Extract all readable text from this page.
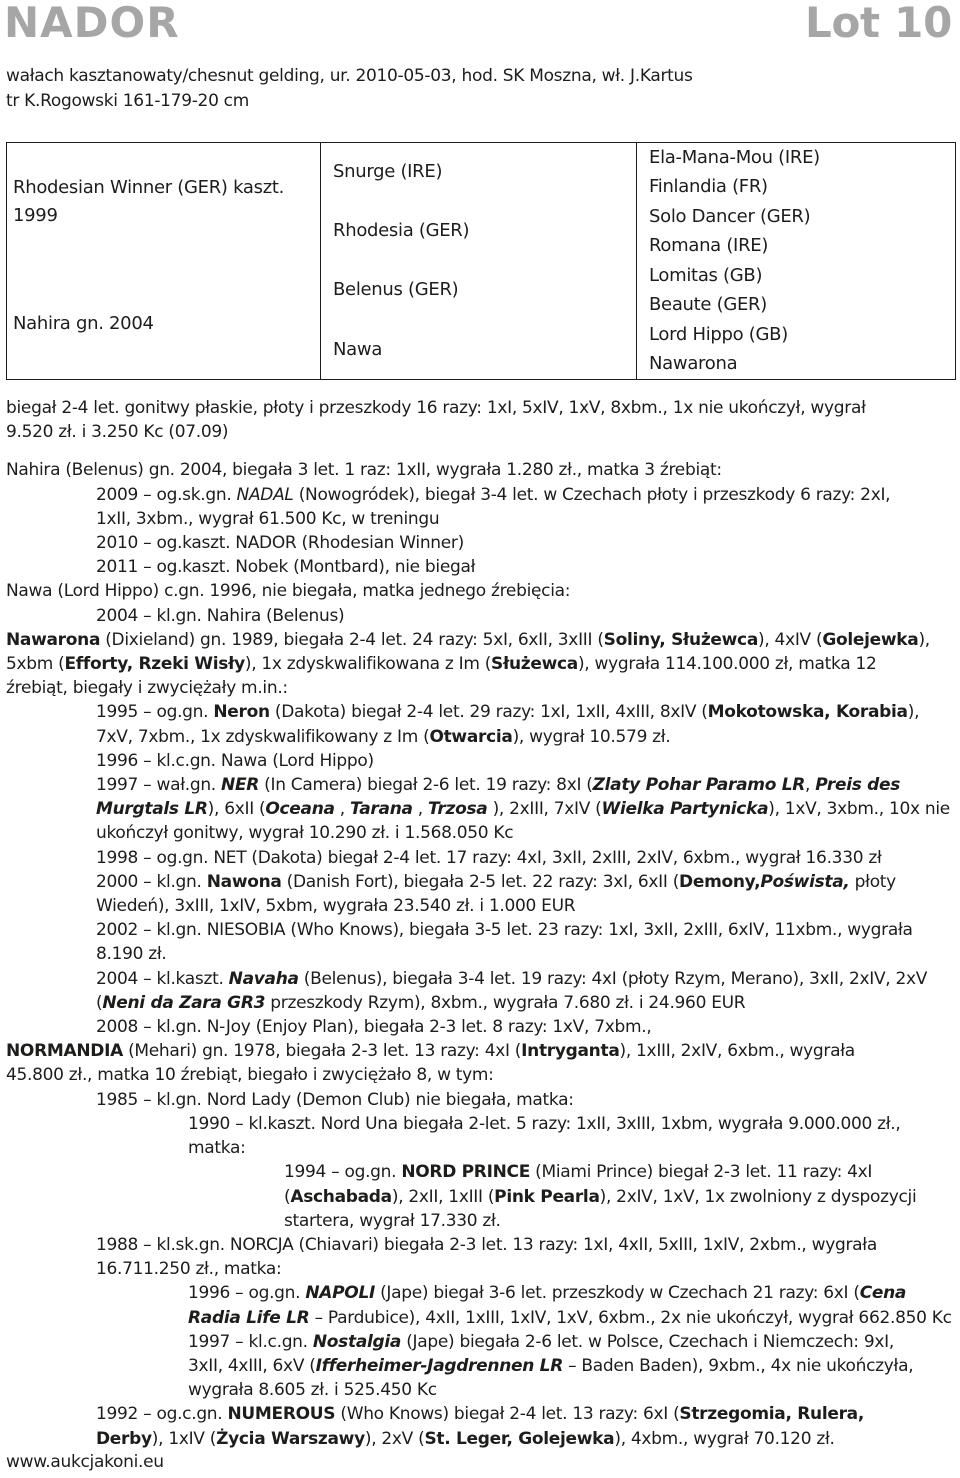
NADOR	Lot 10
wałach kasztanowaty/chesnut gelding, ur. 2010-05-03, hod. SK Moszna, wł. J.Kartus
tr K.Rogowski 161-179-20 cm
Rhodesian Winner (GER) kaszt.
1999
Nahira gn. 2004
Snurge (IRE)
Rhodesia (GER)
Belenus (GER)
Nawa
Ela-Mana-Mou (IRE)
Finlandia (FR)
Solo Dancer (GER)
Romana (IRE)
Lomitas (GB)
Beaute (GER)
Lord Hippo (GB)
Nawarona
biegał 2-4 let. gonitwy płaskie, płoty i przeszkody 16 razy: 1xI, 5xIV, 1xV, 8xbm., 1x nie ukończył, wygrał
9.520 zł. i 3.250 Kc (07.09)
Nahira (Belenus) gn. 2004, biegała 3 let. 1 raz: 1xII, wygrała 1.280 zł., matka 3 źrebiąt:
2009 – og.sk.gn. NADAL (Nowogródek), biegał 3-4 let. w Czechach płoty i przeszkody 6 razy: 2xI,
1xII, 3xbm., wygrał 61.500 Kc, w treningu
2010 – og.kaszt. NADOR (Rhodesian Winner)
2011 – og.kaszt. Nobek (Montbard), nie biegał
Nawa (Lord Hippo) c.gn. 1996, nie biegała, matka jednego źrebięcia:
2004 – kl.gn. Nahira (Belenus)
Nawarona (Dixieland) gn. 1989, biegała 2-4 let. 24 razy: 5xI, 6xII, 3xIII (Soliny, Służewca), 4xIV (Golejewka),
5xbm (Efforty, Rzeki Wisły), 1x zdyskwalifikowana z Im (Służewca), wygrała 114.100.000 zł, matka 12
źrebiąt, biegały i zwyciężały m.in.:
1995 – og.gn. Neron (Dakota) biegał 2-4 let. 29 razy: 1xI, 1xII, 4xIII, 8xIV (Mokotowska, Korabia),
7xV, 7xbm., 1x zdyskwalifikowany z Im (Otwarcia), wygrał 10.579 zł.
1996 – kl.c.gn. Nawa (Lord Hippo)
1997 – wał.gn. NER (In Camera) biegał 2-6 let. 19 razy: 8xI (Zlaty Pohar Paramo LR, Preis des
Murgtals LR), 6xII (Oceana , Tarana , Trzosa ), 2xIII, 7xIV (Wielka Partynicka), 1xV, 3xbm., 10x nie
ukończył gonitwy, wygrał 10.290 zł. i 1.568.050 Kc
1998 – og.gn. NET (Dakota) biegał 2-4 let. 17 razy: 4xI, 3xII, 2xIII, 2xIV, 6xbm., wygrał 16.330 zł
2000 – kl.gn. Nawona (Danish Fort), biegała 2-5 let. 22 razy: 3xI, 6xII (Demony,Pośwista, płoty
Wiedeń), 3xIII, 1xIV, 5xbm, wygrała 23.540 zł. i 1.000 EUR
2002 – kl.gn. NIESOBIA (Who Knows), biegała 3-5 let. 23 razy: 1xI, 3xII, 2xIII, 6xIV, 11xbm., wygrała
8.190 zł.
2004 – kl.kaszt. Navaha (Belenus), biegała 3-4 let. 19 razy: 4xI (płoty Rzym, Merano), 3xII, 2xIV, 2xV
(Neni da Zara GR3 przeszkody Rzym), 8xbm., wygrała 7.680 zł. i 24.960 EUR
2008 – kl.gn. N-Joy (Enjoy Plan), biegała 2-3 let. 8 razy: 1xV, 7xbm.,
NORMANDIA (Mehari) gn. 1978, biegała 2-3 let. 13 razy: 4xI (Intryganta), 1xIII, 2xIV, 6xbm., wygrała
45.800 zł., matka 10 źrebiąt, biegało i zwyciężało 8, w tym:
1985 – kl.gn. Nord Lady (Demon Club) nie biegała, matka:
1990 – kl.kaszt. Nord Una biegała 2-let. 5 razy: 1xII, 3xIII, 1xbm, wygrała 9.000.000 zł.,
matka:
1994 – og.gn. NORD PRINCE (Miami Prince) biegał 2-3 let. 11 razy: 4xI
(Aschabada), 2xII, 1xIII (Pink Pearla), 2xIV, 1xV, 1x zwolniony z dyspozycji
startera, wygrał 17.330 zł.
1988 – kl.sk.gn. NORCJA (Chiavari) biegała 2-3 let. 13 razy: 1xI, 4xII, 5xIII, 1xIV, 2xbm., wygrała
16.711.250 zł., matka:
1996 – og.gn. NAPOLI (Jape) biegał 3-6 let. przeszkody w Czechach 21 razy: 6xI (Cena
Radia Life LR – Pardubice), 4xII, 1xIII, 1xIV, 1xV, 6xbm., 2x nie ukończył, wygrał 662.850 Kc
1997 – kl.c.gn. Nostalgia (Jape) biegała 2-6 let. w Polsce, Czechach i Niemczech: 9xI,
3xII, 4xIII, 6xV (Ifferheimer-Jagdrennen LR – Baden Baden), 9xbm., 4x nie ukończyła,
wygrała 8.605 zł. i 525.450 Kc
1992 – og.c.gn. NUMEROUS (Who Knows) biegał 2-4 let. 13 razy: 6xI (Strzegomia, Rulera,
Derby), 1xIV (Życia Warszawy), 2xV (St. Leger, Golejewka), 4xbm., wygrał 70.120 zł.
www.aukcjakoni.eu
